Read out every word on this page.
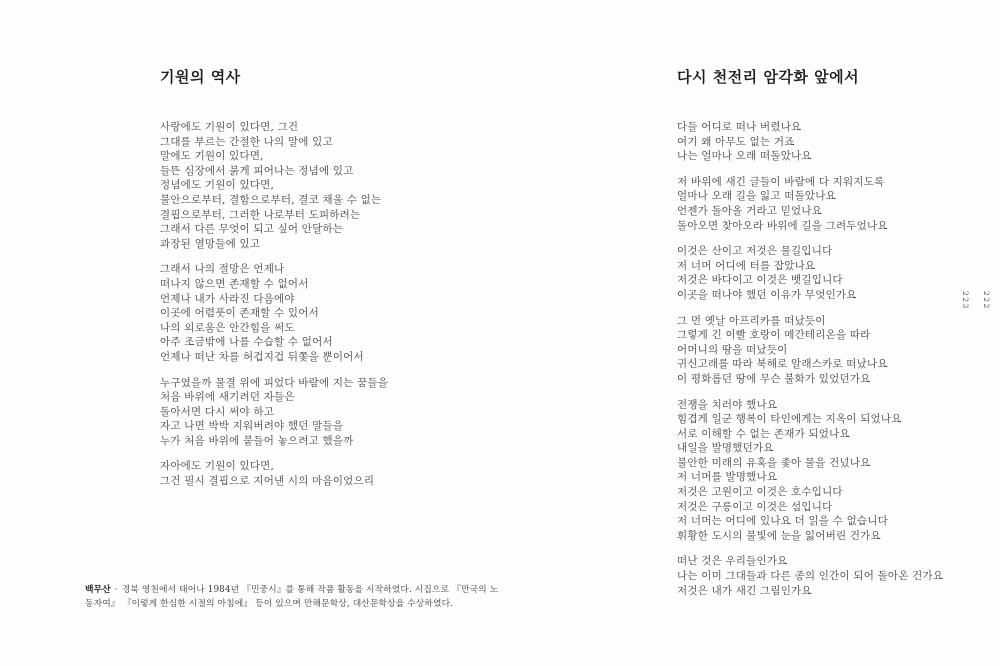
기원의 역사
사랑에도 기원이 있다면, 그건
그대를 부르는 간절한 나의 말에 있고
말에도 기원이 있다면,
들뜬 심장에서 붉게 피어나는 정념에 있고
정념에도 기원이 있다면,
불안으로부터, 결함으로부터, 결코 채울 수 없는
결핍으로부터, 그러한 나로부터 도피하려는
그래서 다른 무엇이 되고 싶어 안달하는
과장된 열망들에 있고
그래서 나의 절망은 언제나
떠나지 않으면 존재할 수 없어서
언제나 내가 사라진 다음에야
이곳에 어렴풋이 존재할 수 있어서
나의 외로움은 안간힘을 써도
아주 조금밖에 나를 수습할 수 없어서
언제나 떠난 차를 허겁지겁 뒤쫓을 뿐이어서
누구였을까 물결 위에 피었다 바람에 지는 꿈들을
처음 바위에 새기려던 자들은
돌아서면 다시 써야 하고
자고 나면 박박 지워버려야 했던 말들을
누가 처음 바위에 붙들어 놓으려고 했을까
자아에도 기원이 있다면,
그건 필시 결핍으로 지어낸 시의 마음이었으리
다시 천전리 암각화 앞에서
다들 어디로 떠나 버렸나요
여기 왜 아무도 없는 거죠
나는 얼마나 오래 떠돌았나요
저 바위에 새긴 글들이 바람에 다 지워지도록
얼마나 오래 길을 잃고 떠돌았나요
언젠가 돌아올 거라고 믿었나요
돌아오면 찾아오라 바위에 길을 그려두었나요
이것은 산이고 저것은 물길입니다
저 너머 어디에 터를 잡았나요
저것은 바다이고 이것은 뱃길입니다
이곳을 떠나야 했던 이유가 무엇인가요
그 먼 옛날 아프리카를 떠났듯이
그렇게 긴 이빨 호랑이 메간테리온을 따라
어머니의 땅을 떠났듯이
귀신고래를 따라 북해로 알래스카로 떠났나요
이 평화롭던 땅에 무슨 불화가 있었던가요
전쟁을 치러야 했나요
힘겹게 일군 행복이 타인에게는 지옥이 되었나요
서로 이해할 수 없는 존재가 되었나요
내일을 발명했던가요
불안한 미래의 유혹을 좇아 물을 건넜나요
저 너머를 발명했나요
저것은 고원이고 이것은 호수입니다
저것은 구릉이고 이것은 섬입니다
저 너머는 어디에 있나요 더 읽을 수 없습니다
휘황한 도시의 불빛에 눈을 잃어버린 건가요
떠난 것은 우리들인가요
나는 이미 그대들과 다른 종의 인간이 되어 돌아온 건가요
저것은 내가 새긴 그림인가요
백무산 · 경북 영천에서 태어나 1984년 『민중시』를 통해 작품 활동을 시작하였다. 시집으로 『만국의 노
동자여』 『이렇게 한심한 시절의 아침에』 등이 있으며 만해문학상, 대산문학상을 수상하였다.
222
223
